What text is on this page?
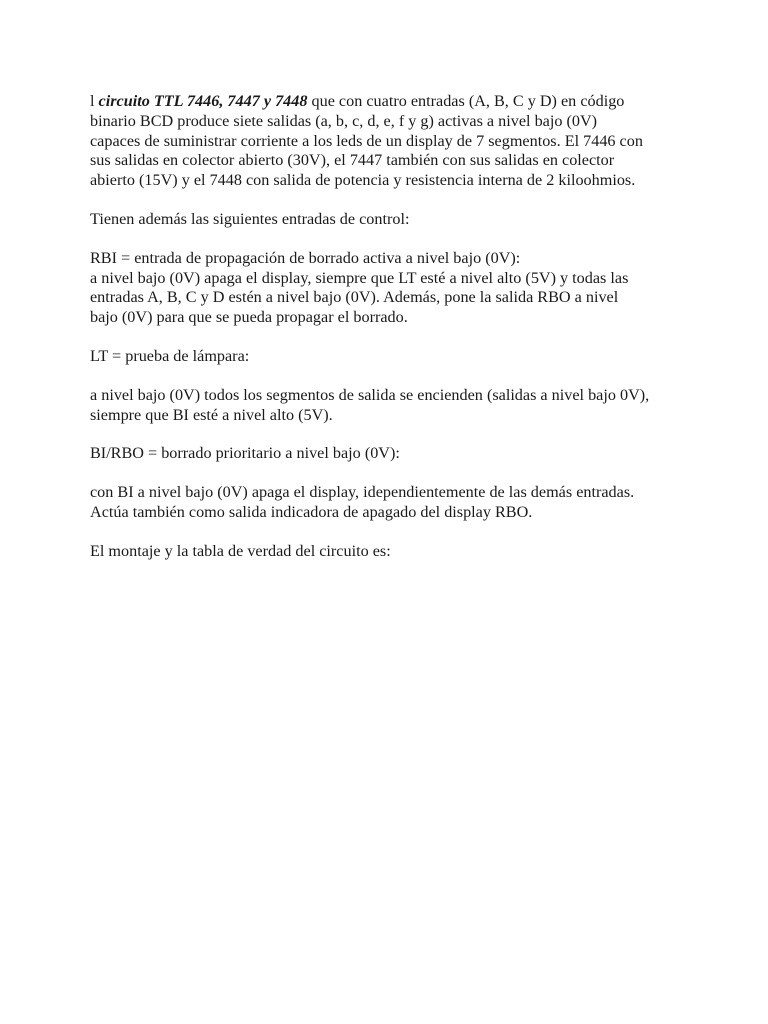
l circuito TTL 7446, 7447 y 7448 que con cuatro entradas (A, B, C y D) en código
binario BCD produce siete salidas (a, b, c, d, e, f y g) activas a nivel bajo (0V)
capaces de suministrar corriente a los leds de un display de 7 segmentos. El 7446 con
sus salidas en colector abierto (30V), el 7447 también con sus salidas en colector
abierto (15V) y el 7448 con salida de potencia y resistencia interna de 2 kiloohmios.

Tienen además las siguientes entradas de control:

RBI = entrada de propagación de borrado activa a nivel bajo (0V):
a nivel bajo (0V) apaga el display, siempre que LT esté a nivel alto (5V) y todas las
entradas A, B, C y D estén a nivel bajo (0V). Además, pone la salida RBO a nivel
bajo (0V) para que se pueda propagar el borrado.

LT = prueba de lámpara:

a nivel bajo (0V) todos los segmentos de salida se encienden (salidas a nivel bajo 0V),
siempre que BI esté a nivel alto (5V).

BI/RBO = borrado prioritario a nivel bajo (0V):

con BI a nivel bajo (0V) apaga el display, idependientemente de las demás entradas.
Actúa también como salida indicadora de apagado del display RBO.

El montaje y la tabla de verdad del circuito es:
